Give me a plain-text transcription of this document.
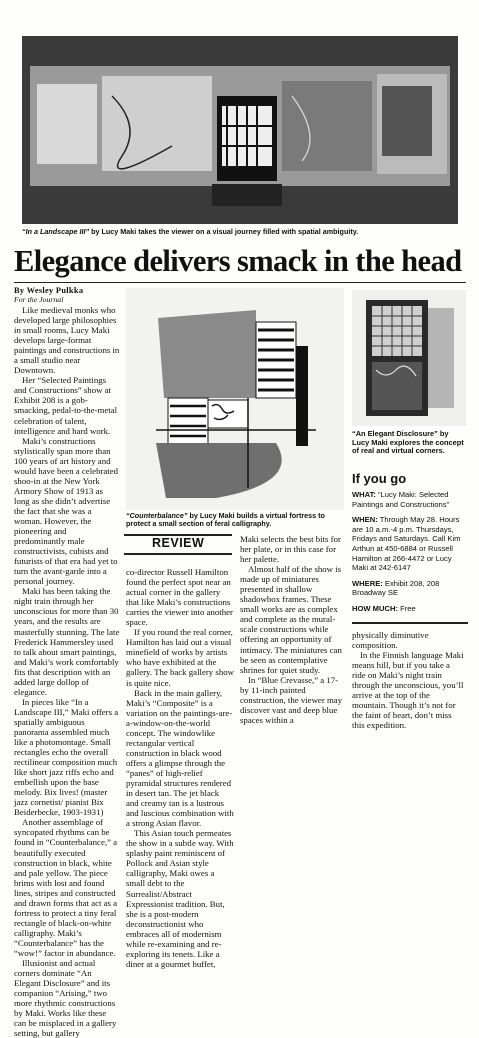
“In a Landscape III” by Lucy Maki takes the viewer on a visual journey filled with spatial ambiguity.
Elegance delivers smack in the head
By Wesley Pulkka
For the Journal

Like medieval monks who developed large philosophies in small rooms, Lucy Maki develops large-format paintings and constructions in a small studio near Downtown.

Her “Selected Paintings and Constructions” show at Exhibit 208 is a gob-smacking, pedal-to-the-metal celebration of talent, intelligence and hard work.

Maki’s constructions stylistically span more than 100 years of art history and would have been a celebrated shoo-in at the New York Armory Show of 1913 as long as she didn’t advertise the fact that she was a woman. However, the pioneering and predominantly male constructivists, cubists and futurists of that era had yet to turn the avant-garde into a personal journey.

Maki has been taking the night train through her unconscious for more than 30 years, and the results are masterfully stunning. The late Frederick Hammersley used to talk about smart paintings, and Maki’s work comfortably fits that description with an added large dollop of elegance.

In pieces like “In a Landscape III,” Maki offers a spatially ambiguous panorama assembled much like a photomontage. Small rectangles echo the overall rectilinear composition much like short jazz riffs echo and embellish upon the base melody. Bix lives! (master jazz cornetist/ pianist Bix Beiderbecke, 1903-1931)

Another assemblage of syncopated rhythms can be found in “Counterbalance,” a beautifully executed construction in black, white and pale yellow. The piece brims with lost and found lines, stripes and constructed and drawn forms that act as a fortress to protect a tiny feral rectangle of black-on-white calligraphy. Maki’s “Counterbalance” has the “wow!” factor in abundance.

Illusionist and actual corners dominate “An Elegant Disclosure” and its companion “Arising,” two more rhythmic constructions by Maki. Works like these can be misplaced in a gallery setting, but gallery

“Counterbalance” by Lucy Maki builds a virtual fortress to protect a small section of feral calligraphy.
REVIEW

co-director Russell Hamilton found the perfect spot near an actual corner in the gallery that like Maki’s constructions carries the viewer into another space.

If you round the real corner, Hamilton has laid out a visual minefield of works by artists who have exhibited at the gallery. The back gallery show is quite nice.

Back in the main gallery, Maki’s “Composite” is a variation on the paintings-are-a-window-on-the-world concept. The windowlike rectangular vertical construction in black wood offers a glimpse through the “panes” of high-relief pyramidal structures rendered in desert tan. The jet black and creamy tan is a lustrous and luscious combination with a strong Asian flavor.

This Asian touch permeates the show in a subtle way. With splashy paint reminiscent of Pollock and Asian style calligraphy, Maki owes a small debt to the Surrealist/Abstract Expressionist tradition. But, she is a post-modern deconstructionist who embraces all of modernism while re-examining and re-exploring its tenets. Like a diner at a gourmet buffet,

Maki selects the best bits for her plate, or in this case for her palette.

Almost half of the show is made up of miniatures presented in shallow shadowbox frames. These small works are as complex and complete as the mural-scale constructions while offering an opportunity of intimacy. The miniatures can be seen as contemplative shrines for quiet study.

In “Blue Crevasse,” a 17- by 11-inch painted construction, the viewer may discover vast and deep blue spaces within a

“An Elegant Disclosure” by Lucy Maki explores the concept of real and virtual corners.
If you go

WHAT: “Lucy Maki: Selected Paintings and Constructions”

WHEN: Through May 28. Hours are 10 a.m.-4 p.m. Thursdays, Fridays and Saturdays. Call Kim Arthun at 450-6884 or Russell Hamilton at 266-4472 or Lucy Maki at 242-6147

WHERE: Exhibit 208, 208 Broadway SE

HOW MUCH: Free

physically diminutive composition.

In the Finnish language Maki means hill, but if you take a ride on Maki’s night train through the unconscious, you’ll arrive at the top of the mountain. Though it’s not for the faint of heart, don’t miss this expedition.
